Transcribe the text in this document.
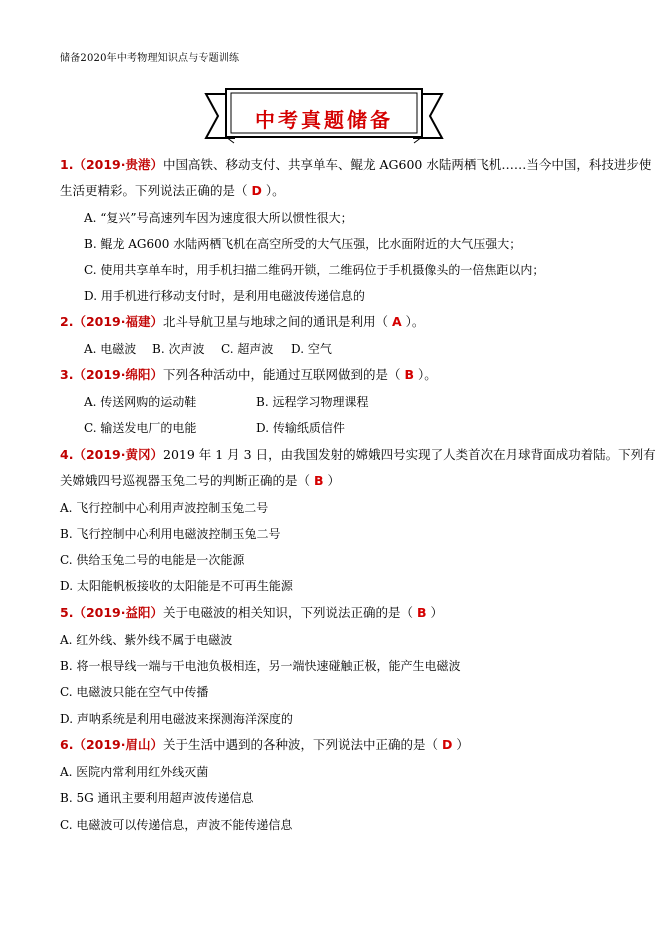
储备2020年中考物理知识点与专题训练
中考真题储备
1.（2019·贵港）中国高铁、移动支付、共享单车、鲲龙 AG600 水陆两栖飞机……当今中国，科技进步使
生活更精彩。下列说法正确的是（ D ）。
A. “复兴”号高速列车因为速度很大所以惯性很大；
B. 鲲龙 AG600 水陆两栖飞机在高空所受的大气压强，比水面附近的大气压强大；
C. 使用共享单车时，用手机扫描二维码开锁，二维码位于手机摄像头的一倍焦距以内；
D. 用手机进行移动支付时，是利用电磁波传递信息的
2.（2019·福建）北斗导航卫星与地球之间的通讯是利用（ A ）。
A. 电磁波 B. 次声波 C. 超声波 D. 空气
3.（2019·绵阳）下列各种活动中，能通过互联网做到的是（ B ）。
A. 传送网购的运动鞋	B. 远程学习物理课程
C. 输送发电厂的电能	D. 传输纸质信件
4.（2019·黄冈）2019 年 1 月 3 日，由我国发射的嫦娥四号实现了人类首次在月球背面成功着陆。下列有
关嫦娥四号巡视器玉兔二号的判断正确的是（ B ）
A. 飞行控制中心利用声波控制玉兔二号
B. 飞行控制中心利用电磁波控制玉兔二号
C. 供给玉兔二号的电能是一次能源
D. 太阳能帆板接收的太阳能是不可再生能源
5.（2019·益阳）关于电磁波的相关知识，下列说法正确的是（ B ）
A. 红外线、紫外线不属于电磁波
B. 将一根导线一端与干电池负极相连，另一端快速碰触正极，能产生电磁波
C. 电磁波只能在空气中传播
D. 声呐系统是利用电磁波来探测海洋深度的
6.（2019·眉山）关于生活中遇到的各种波，下列说法中正确的是（ D ）
A. 医院内常利用红外线灭菌
B. 5G 通讯主要利用超声波传递信息
C. 电磁波可以传递信息，声波不能传递信息
